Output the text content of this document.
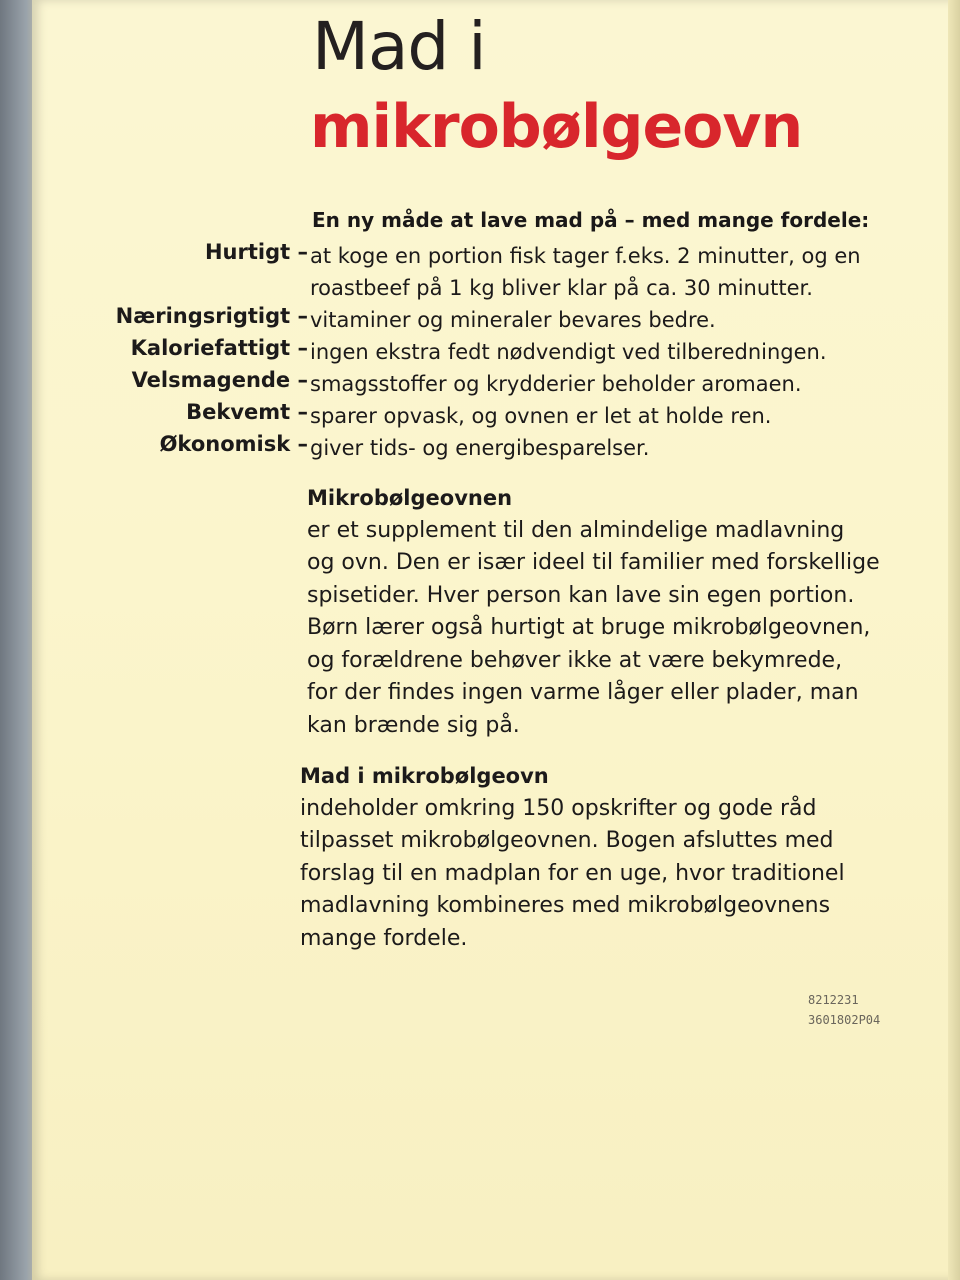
Mad i
mikrobølgeovn
En ny måde at lave mad på – med mange fordele:
Hurtigt – at koge en portion fisk tager f.eks. 2 minutter, og en roastbeef på 1 kg bliver klar på ca. 30 minutter.
Næringsrigtigt – vitaminer og mineraler bevares bedre.
Kaloriefattigt – ingen ekstra fedt nødvendigt ved tilberedningen.
Velsmagende – smagsstoffer og krydderier beholder aromaen.
Bekvemt – sparer opvask, og ovnen er let at holde ren.
Økonomisk – giver tids- og energibesparelser.
Mikrobølgeovnen
er et supplement til den almindelige madlavning
og ovn. Den er især ideel til familier med forskellige
spisetider. Hver person kan lave sin egen portion.
Børn lærer også hurtigt at bruge mikrobølgeovnen,
og forældrene behøver ikke at være bekymrede,
for der findes ingen varme låger eller plader, man
kan brænde sig på.
Mad i mikrobølgeovn
indeholder omkring 150 opskrifter og gode råd
tilpasset mikrobølgeovnen. Bogen afsluttes med
forslag til en madplan for en uge, hvor traditionel
madlavning kombineres med mikrobølgeovnens
mange fordele.
8212231
3601802P04
